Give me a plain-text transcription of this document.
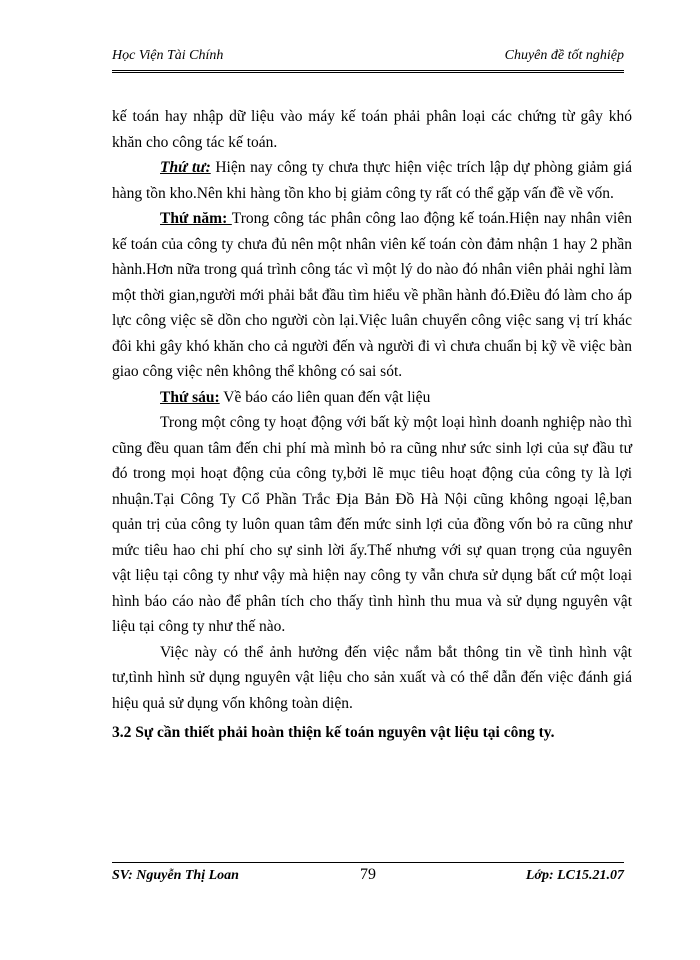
Học Viện Tài Chính	Chuyên đề tốt nghiệp

kế toán hay nhập dữ liệu vào máy kế toán phải phân loại các chứng từ gây khó khăn cho công tác kế toán.

Thứ tư: Hiện nay công ty chưa thực hiện việc trích lập dự phòng giảm giá hàng tồn kho.Nên khi hàng tồn kho bị giảm công ty rất có thể gặp vấn đề về vốn.

Thứ năm: Trong công tác phân công lao động kế toán.Hiện nay nhân viên kế toán của công ty chưa đủ nên một nhân viên kế toán còn đảm nhận 1 hay 2 phần hành.Hơn nữa trong quá trình công tác vì một lý do nào đó nhân viên phải nghỉ làm một thời gian,người mới phải bắt đầu tìm hiểu về phần hành đó.Điều đó làm cho áp lực công việc sẽ dồn cho người còn lại.Việc luân chuyển công việc sang vị trí khác đôi khi gây khó khăn cho cả người đến và người đi vì chưa chuẩn bị kỹ về việc bàn giao công việc nên không thể không có sai sót.

Thứ sáu: Về báo cáo liên quan đến vật liệu

Trong một công ty hoạt động với bất kỳ một loại hình doanh nghiệp nào thì cũng đều quan tâm đến chi phí mà mình bỏ ra cũng như sức sinh lợi của sự đầu tư đó trong mọi hoạt động của công ty,bởi lẽ mục tiêu hoạt động của công ty là lợi nhuận.Tại Công Ty Cổ Phần Trắc Địa Bản Đồ Hà Nội cũng không ngoại lệ,ban quản trị của công ty luôn quan tâm đến mức sinh lợi của đồng vốn bỏ ra cũng như mức tiêu hao chi phí cho sự sinh lời ấy.Thế nhưng với sự quan trọng của nguyên vật liệu tại công ty như vậy mà hiện nay công ty vẫn chưa sử dụng bất cứ một loại hình báo cáo nào để phân tích cho thấy tình hình thu mua và sử dụng nguyên vật liệu tại công ty như thế nào.

Việc này có thể ảnh hưởng đến việc nắm bắt thông tin về tình hình vật tư,tình hình sử dụng nguyên vật liệu cho sản xuất và có thể dẫn đến việc đánh giá hiệu quả sử dụng vốn không toàn diện.

3.2 Sự cần thiết phải hoàn thiện kế toán nguyên vật liệu tại công ty.

SV: Nguyễn Thị Loan	79	Lớp: LC15.21.07
